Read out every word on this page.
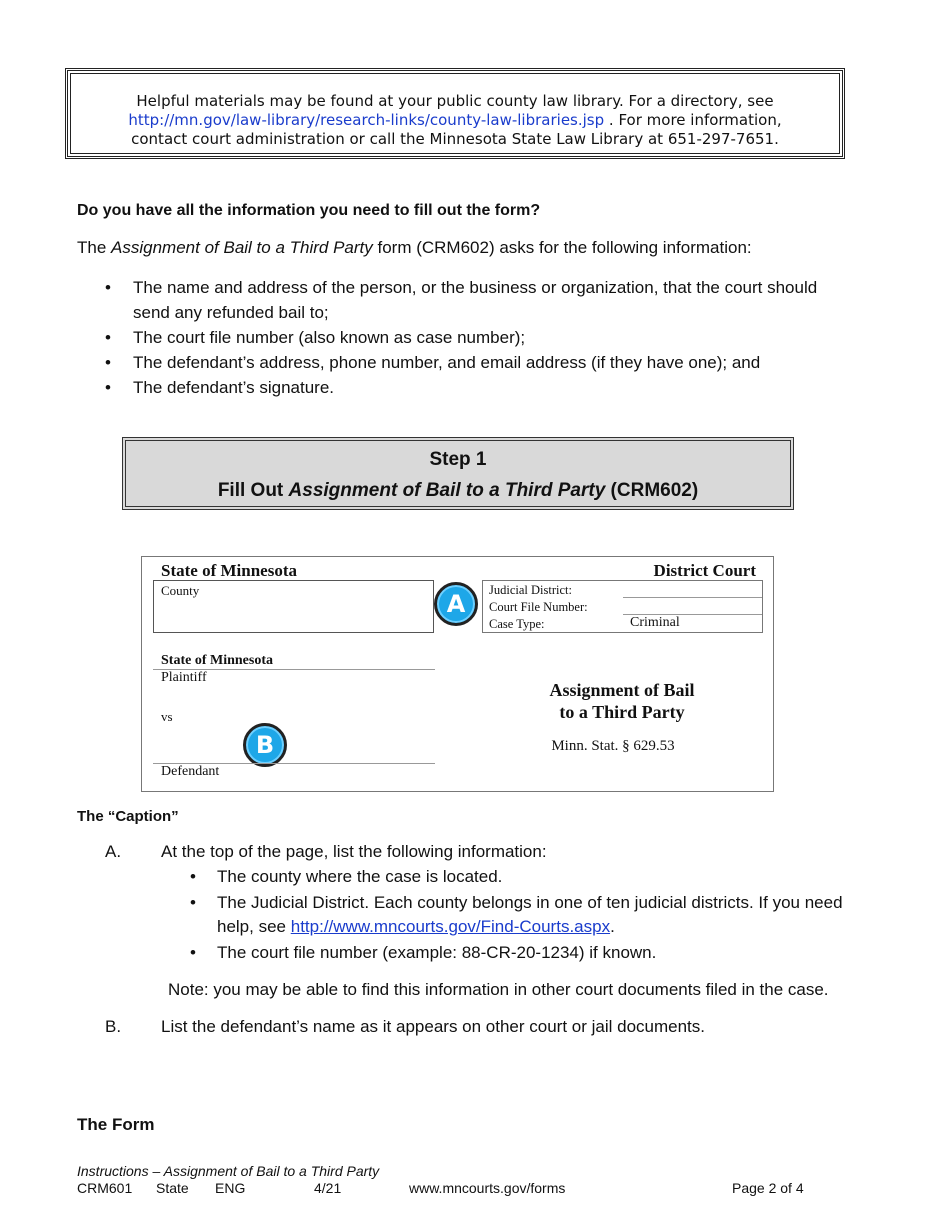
Helpful materials may be found at your public county law library. For a directory, see
http://mn.gov/law-library/research-links/county-law-libraries.jsp . For more information,
contact court administration or call the Minnesota State Law Library at 651-297-7651.
Do you have all the information you need to fill out the form?
The Assignment of Bail to a Third Party form (CRM602) asks for the following information:
• The name and address of the person, or the business or organization, that the court should send any refunded bail to;
• The court file number (also known as case number);
• The defendant’s address, phone number, and email address (if they have one); and
• The defendant’s signature.
Step 1
Fill Out Assignment of Bail to a Third Party (CRM602)
State of Minnesota	District Court
County	Judicial District:
Court File Number:
Case Type:	Criminal
A
State of Minnesota
Plaintiff
vs
B
Defendant
Assignment of Bail
to a Third Party
Minn. Stat. § 629.53
The “Caption”
A. At the top of the page, list the following information:
• The county where the case is located.
• The Judicial District. Each county belongs in one of ten judicial districts. If you need
help, see http://www.mncourts.gov/Find-Courts.aspx.
• The court file number (example: 88-CR-20-1234) if known.
Note: you may be able to find this information in other court documents filed in the case.
B. List the defendant’s name as it appears on other court or jail documents.
The Form
Instructions – Assignment of Bail to a Third Party
CRM601 State ENG	4/21	www.mncourts.gov/forms	Page 2 of 4
